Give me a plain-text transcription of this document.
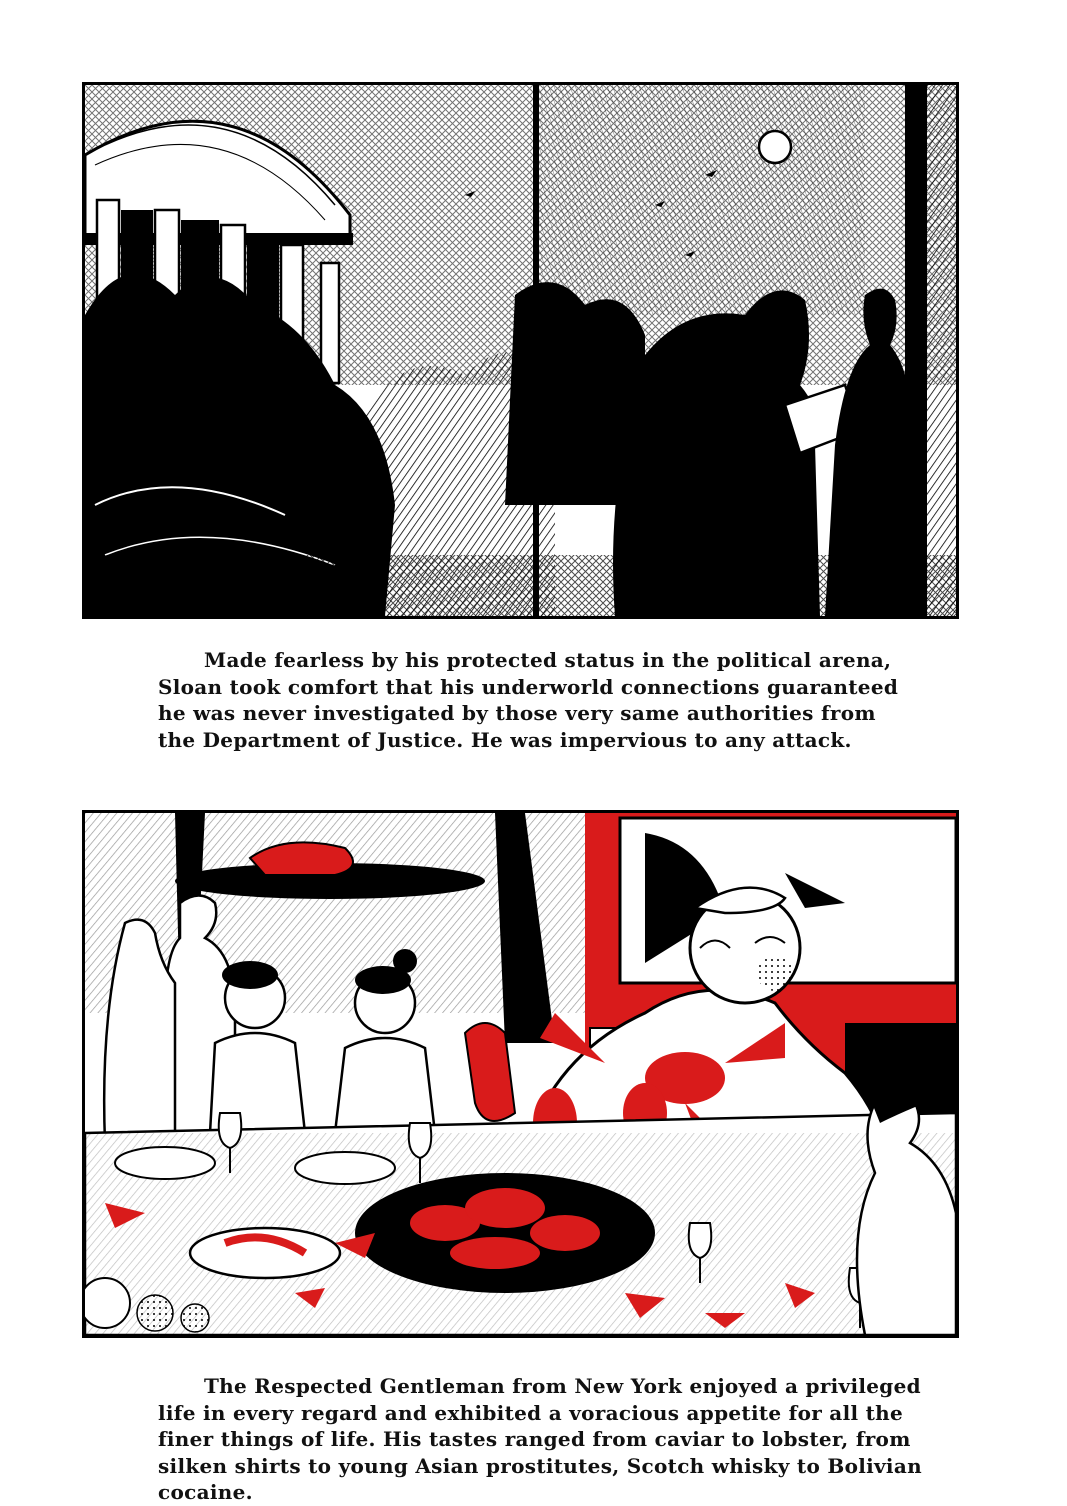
Made fearless by his protected status in the political arena, Sloan took comfort that his underworld connections guaranteed he was never investigated by those very same authorities from the Department of Justice. He was impervious to any attack.

The Respected Gentleman from New York enjoyed a privileged life in every regard and exhibited a voracious appetite for all the finer things of life. His tastes ranged from caviar to lobster, from silken shirts to young Asian prostitutes, Scotch whisky to Bolivian cocaine.
